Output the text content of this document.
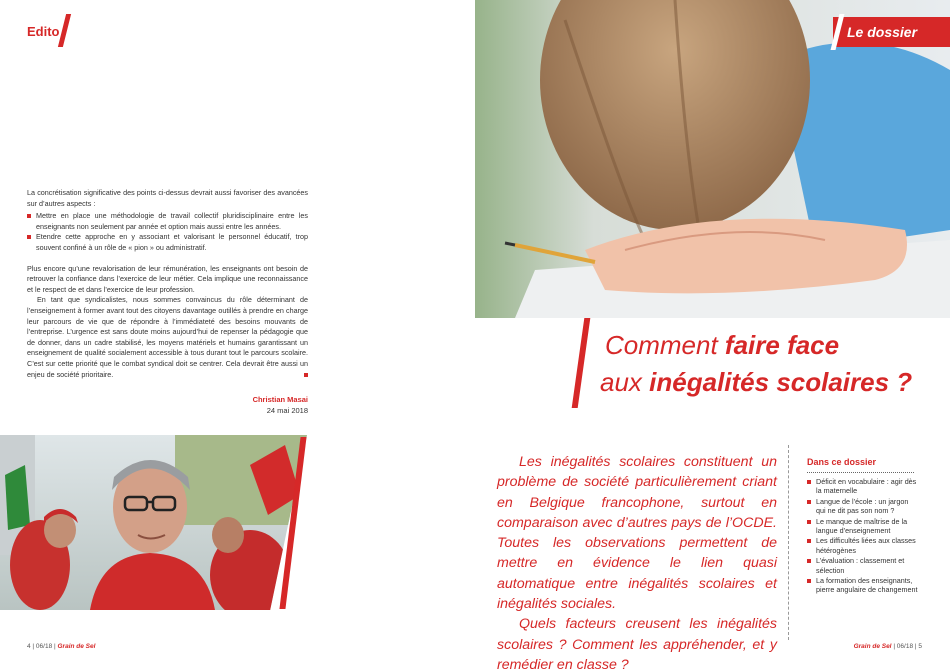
Edito

La concrétisation significative des points ci-dessus devrait aussi favoriser des avancées sur d’autres aspects :

Mettre en place une méthodologie de travail collectif pluridisciplinaire entre les enseignants non seulement par année et option mais aussi entre les années.
Etendre cette approche en y associant et valorisant le personnel éducatif, trop souvent confiné à un rôle de « pion » ou administratif.

Plus encore qu’une revalorisation de leur rémunération, les enseignants ont besoin de retrouver la confiance dans l’exercice de leur métier. Cela implique une reconnaissance et le respect de et dans l’exercice de leur profession.

En tant que syndicalistes, nous sommes convaincus du rôle déterminant de l’enseignement à former avant tout des citoyens davantage outillés à prendre en charge leur parcours de vie que de répondre à l’immédiateté des besoins mouvants de l’entreprise. L’urgence est sans doute moins aujourd’hui de repenser la pédagogie que de donner, dans un cadre stabilisé, les moyens matériels et humains garantissant un enseignement de qualité socialement accessible à tous durant tout le parcours scolaire. C’est sur cette priorité que le combat syndical doit se centrer. Cela devrait être aussi un enjeu de société prioritaire.

Christian Masai
24 mai 2018
4 | 06/18 | Grain de Sel
Le dossier
Comment faire face
aux inégalités scolaires ?

Les inégalités scolaires constituent un problème de société particulièrement criant en Belgique francophone, surtout en comparaison avec d’autres pays de l’OCDE. Toutes les observations permettent de mettre en évidence le lien quasi automatique entre inégalités scolaires et inégalités sociales.

Quels facteurs creusent les inégalités scolaires ? Comment les appréhender, et y remédier en classe ?

Dans ce dossier
Déficit en vocabulaire : agir dès la maternelle
Langue de l’école : un jargon qui ne dit pas son nom ?
Le manque de maîtrise de la langue d’enseignement
Les difficultés liées aux classes hétérogènes
L’évaluation : classement et sélection
La formation des enseignants, pierre angulaire de changement
Grain de Sel | 06/18 | 5
